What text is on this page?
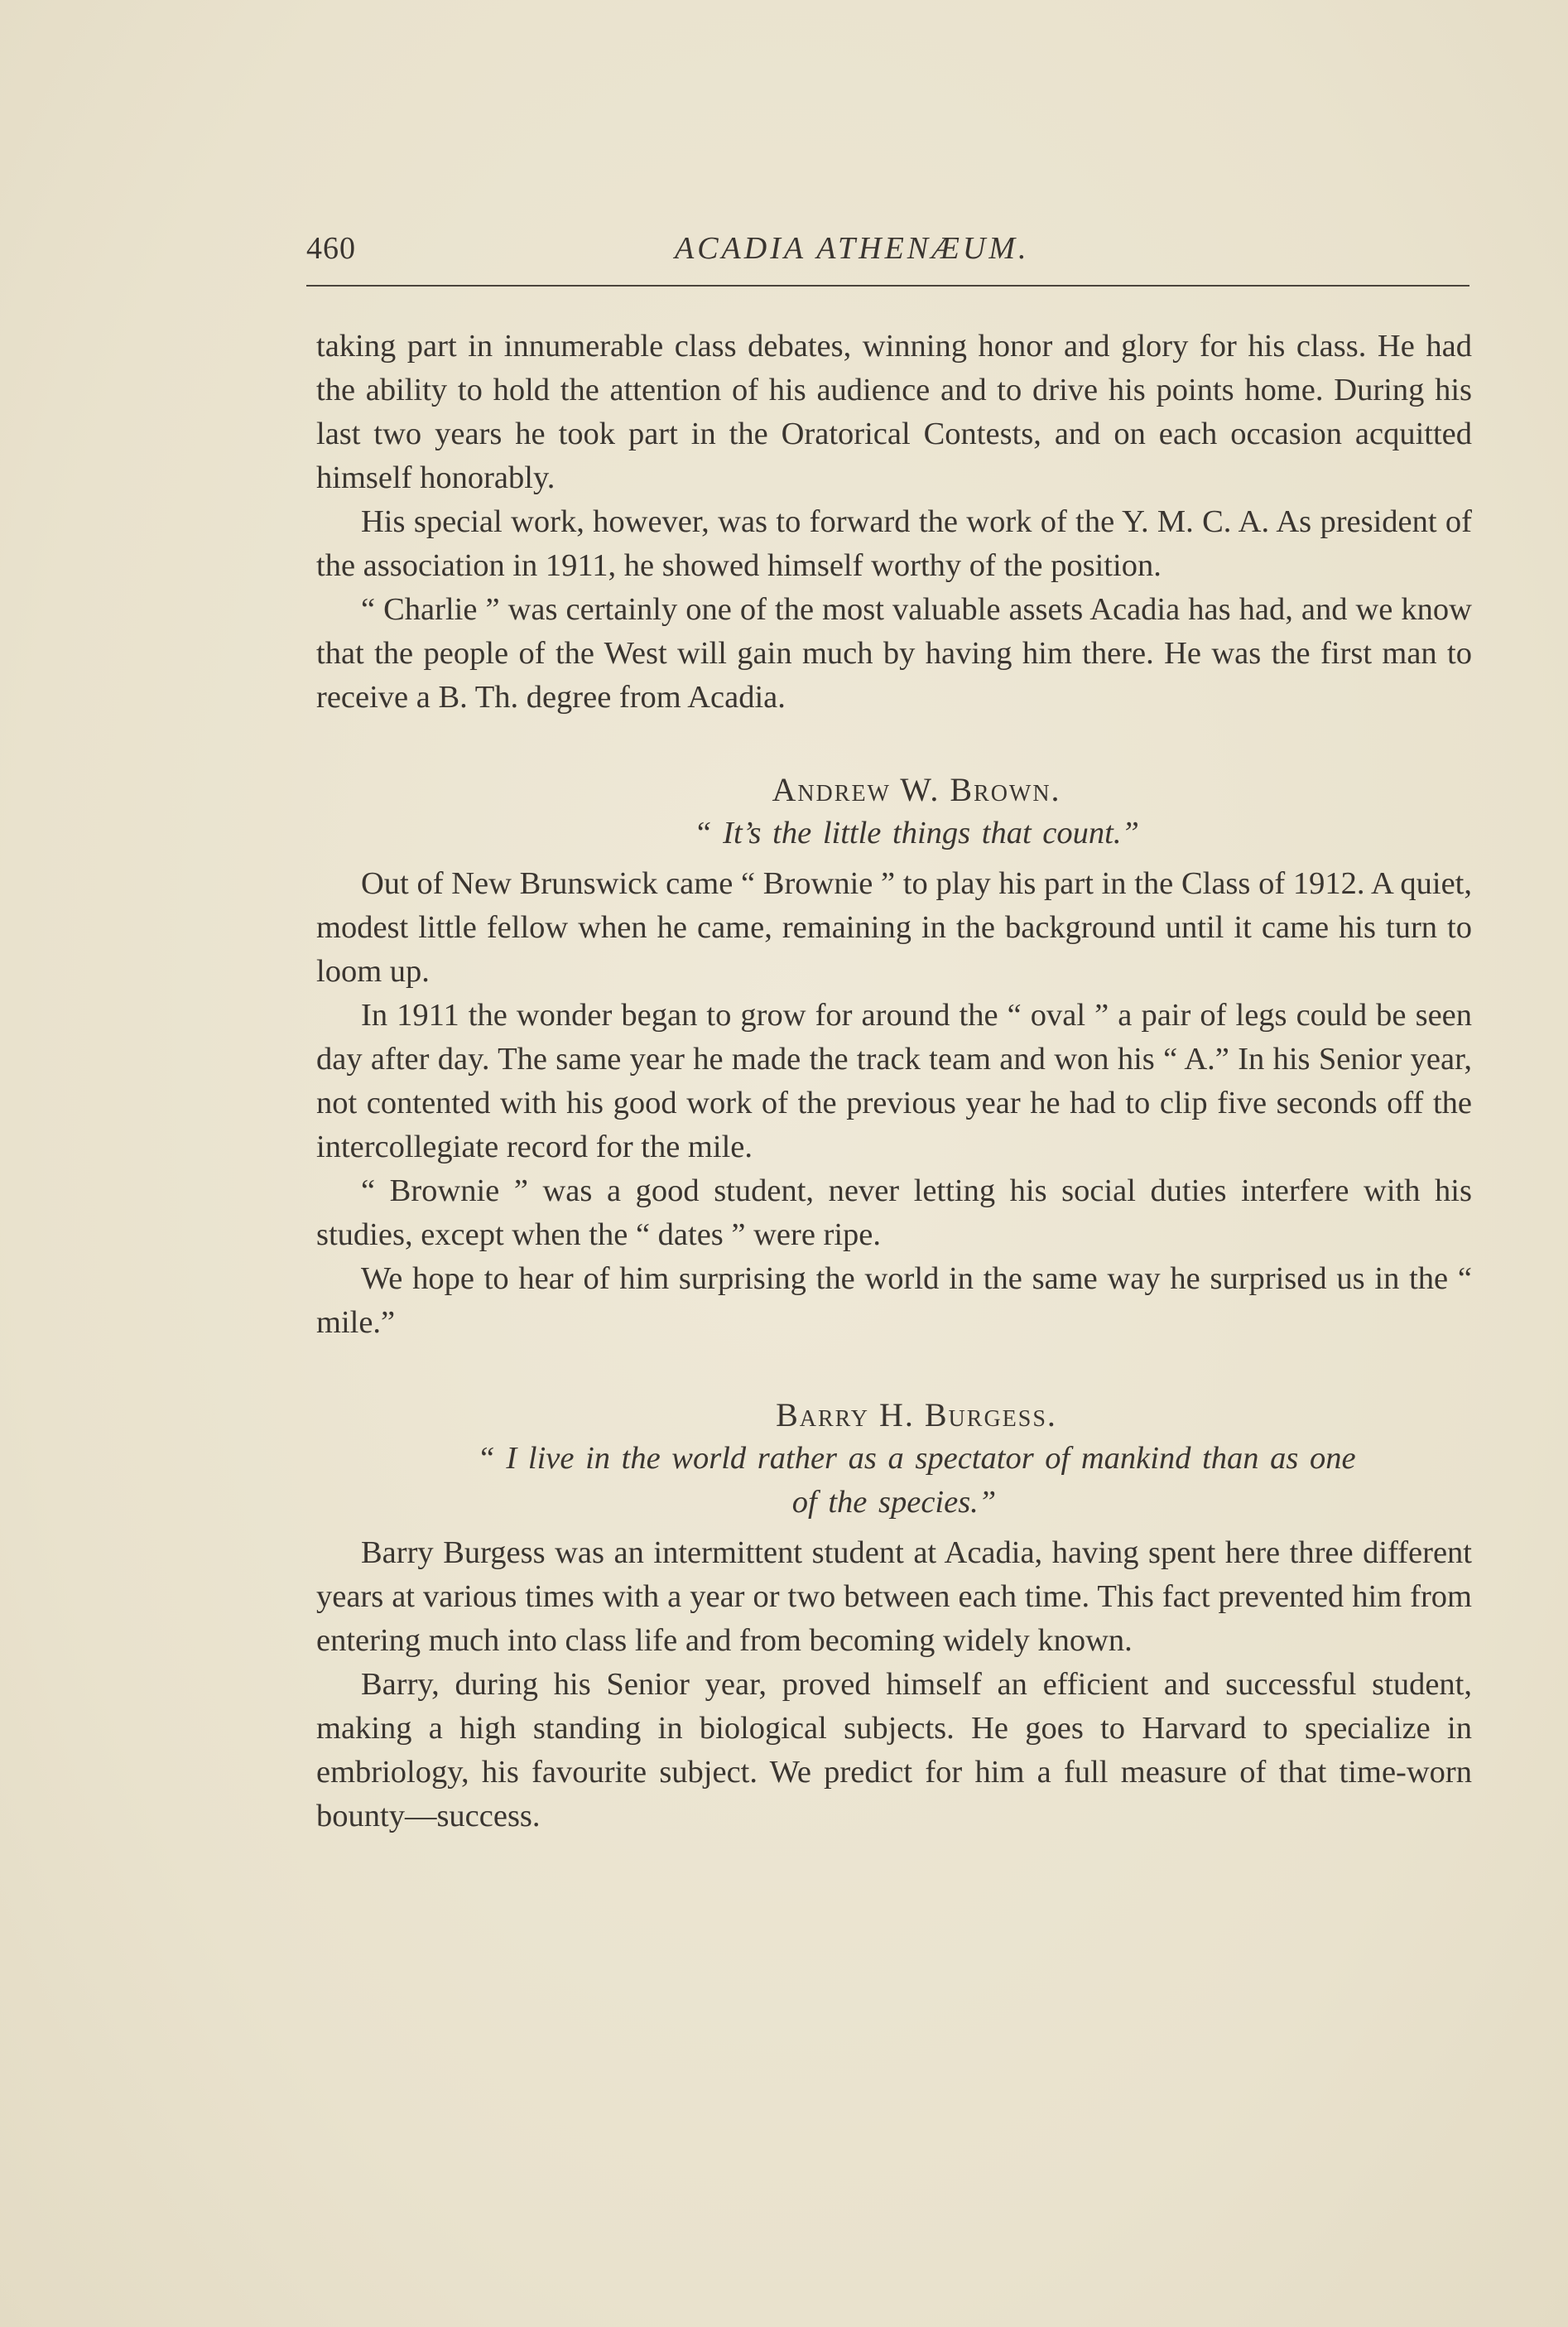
460	ACADIA ATHENÆUM.

taking part in innumerable class debates, winning honor and glory for his class. He had the ability to hold the attention of his audience and to drive his points home. During his last two years he took part in the Oratorical Contests, and on each occasion acquitted himself honorably.

His special work, however, was to forward the work of the Y. M. C. A. As president of the association in 1911, he showed himself worthy of the position.

“ Charlie ” was certainly one of the most valuable assets Acadia has had, and we know that the people of the West will gain much by having him there. He was the first man to receive a B. Th. degree from Acadia.

Andrew W. Brown.

“ It’s the little things that count.”

Out of New Brunswick came “ Brownie ” to play his part in the Class of 1912. A quiet, modest little fellow when he came, remaining in the background until it came his turn to loom up.

In 1911 the wonder began to grow for around the “ oval ” a pair of legs could be seen day after day. The same year he made the track team and won his “ A.” In his Senior year, not contented with his good work of the previous year he had to clip five seconds off the intercollegiate record for the mile.

“ Brownie ” was a good student, never letting his social duties interfere with his studies, except when the “ dates ” were ripe.

We hope to hear of him surprising the world in the same way he surprised us in the “ mile.”

Barry H. Burgess.

“ I live in the world rather as a spectator of mankind than as one of the species.”

Barry Burgess was an intermittent student at Acadia, having spent here three different years at various times with a year or two between each time. This fact prevented him from entering much into class life and from becoming widely known.

Barry, during his Senior year, proved himself an efficient and successful student, making a high standing in biological subjects. He goes to Harvard to specialize in embriology, his favourite subject. We predict for him a full measure of that time-worn bounty—success.
